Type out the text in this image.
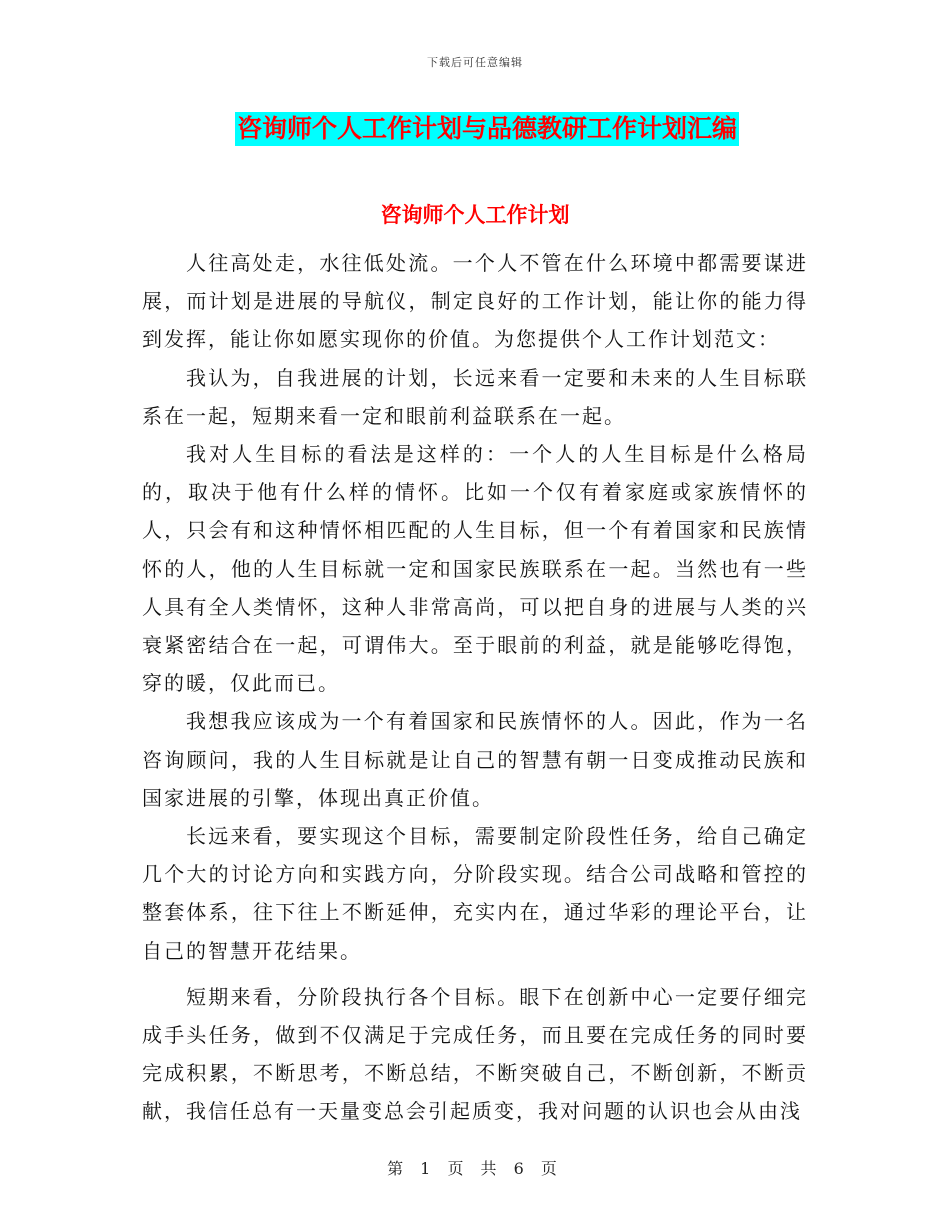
下载后可任意编辑
咨询师个人工作计划与品德教研工作计划汇编
咨询师个人工作计划

人往高处走，水往低处流。一个人不管在什么环境中都需要谋进展，而计划是进展的导航仪，制定良好的工作计划，能让你的能力得到发挥，能让你如愿实现你的价值。为您提供个人工作计划范文：

我认为，自我进展的计划，长远来看一定要和未来的人生目标联系在一起，短期来看一定和眼前利益联系在一起。

我对人生目标的看法是这样的：一个人的人生目标是什么格局的，取决于他有什么样的情怀。比如一个仅有着家庭或家族情怀的人，只会有和这种情怀相匹配的人生目标，但一个有着国家和民族情怀的人，他的人生目标就一定和国家民族联系在一起。当然也有一些人具有全人类情怀，这种人非常高尚，可以把自身的进展与人类的兴衰紧密结合在一起，可谓伟大。至于眼前的利益，就是能够吃得饱，穿的暖，仅此而已。

我想我应该成为一个有着国家和民族情怀的人。因此，作为一名咨询顾问，我的人生目标就是让自己的智慧有朝一日变成推动民族和国家进展的引擎，体现出真正价值。

长远来看，要实现这个目标，需要制定阶段性任务，给自己确定几个大的讨论方向和实践方向，分阶段实现。结合公司战略和管控的整套体系，往下往上不断延伸，充实内在，通过华彩的理论平台，让自己的智慧开花结果。

短期来看，分阶段执行各个目标。眼下在创新中心一定要仔细完成手头任务，做到不仅满足于完成任务，而且要在完成任务的同时要完成积累，不断思考，不断总结，不断突破自己，不断创新，不断贡献，我信任总有一天量变总会引起质变，我对问题的认识也会从由浅

第 1 页 共 6 页
